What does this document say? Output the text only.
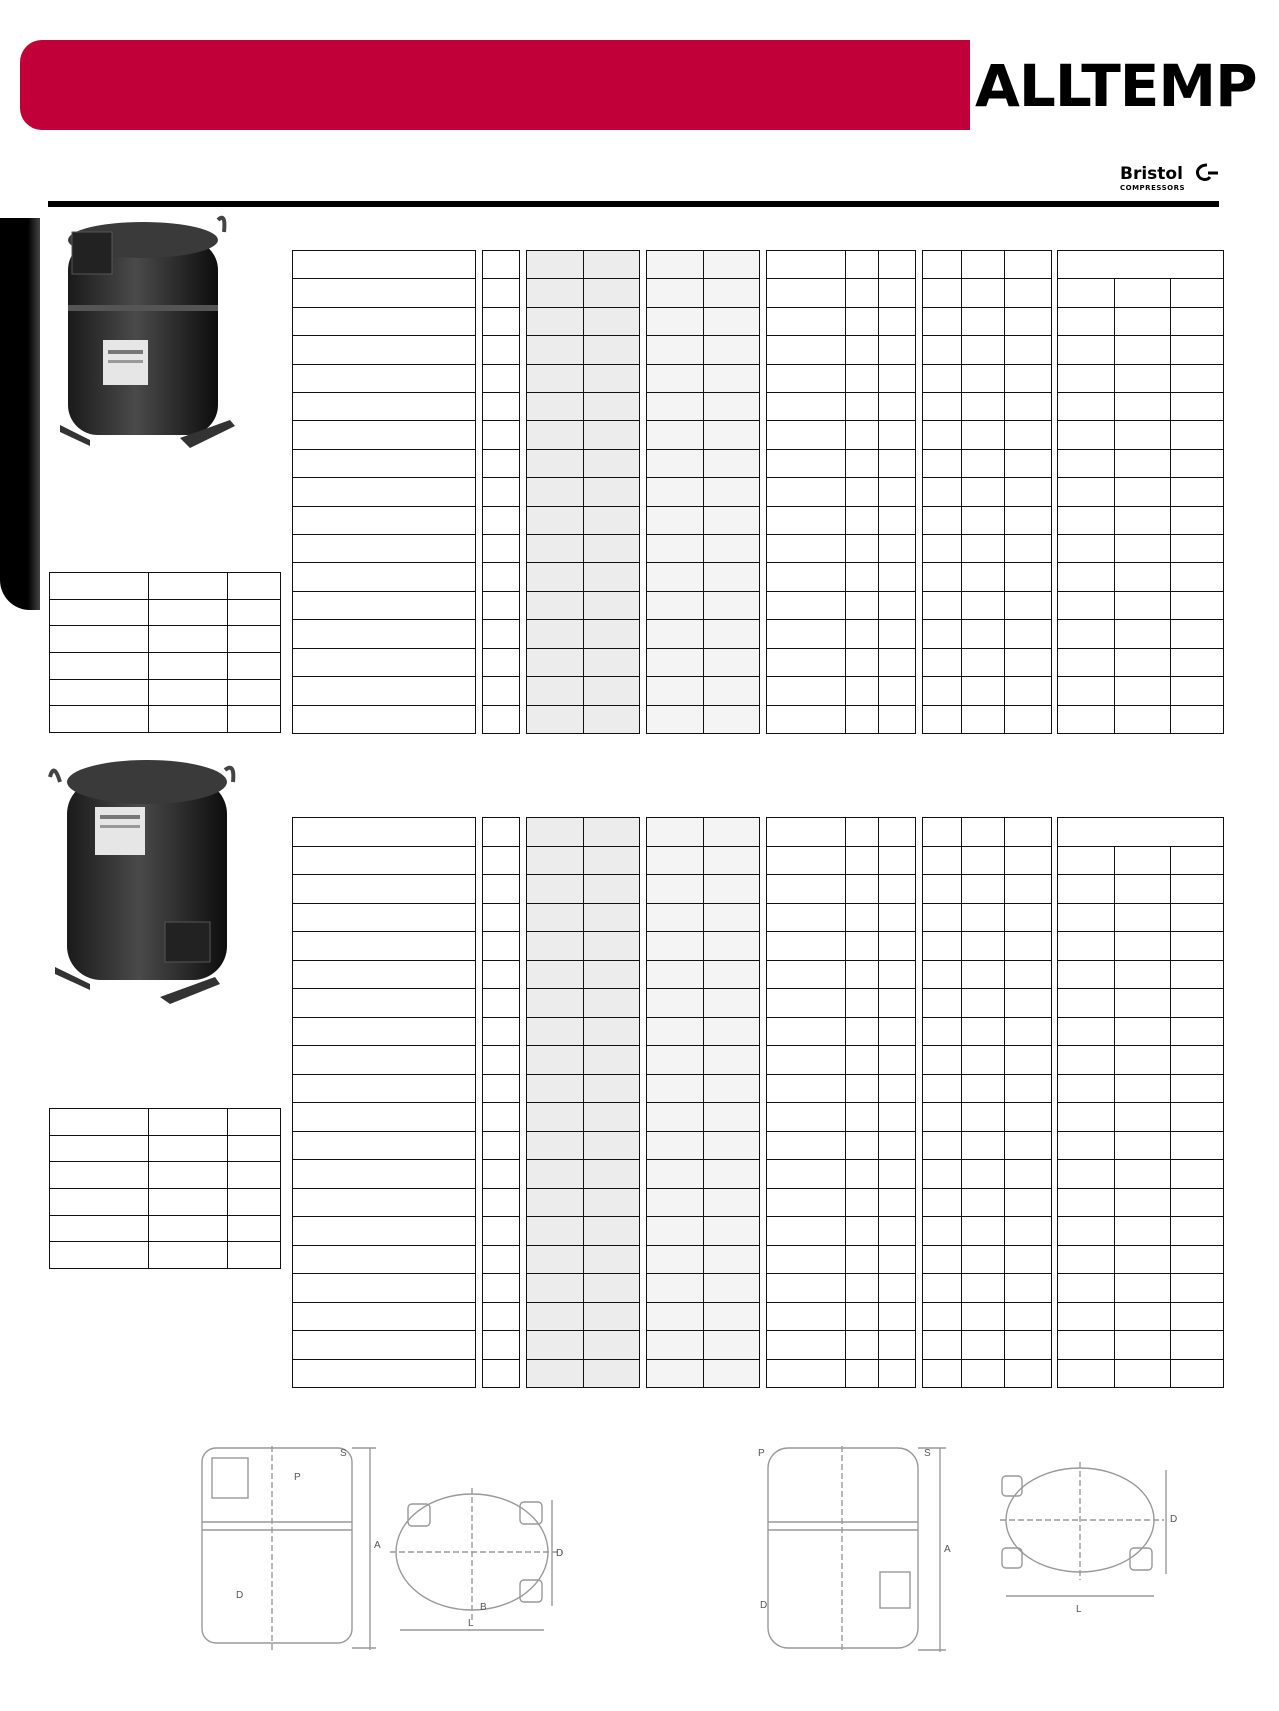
ALLTEMP
Bristol
COMPRESSORS

S
P
A
D
D
B
L
P	S
A
D
D
L
